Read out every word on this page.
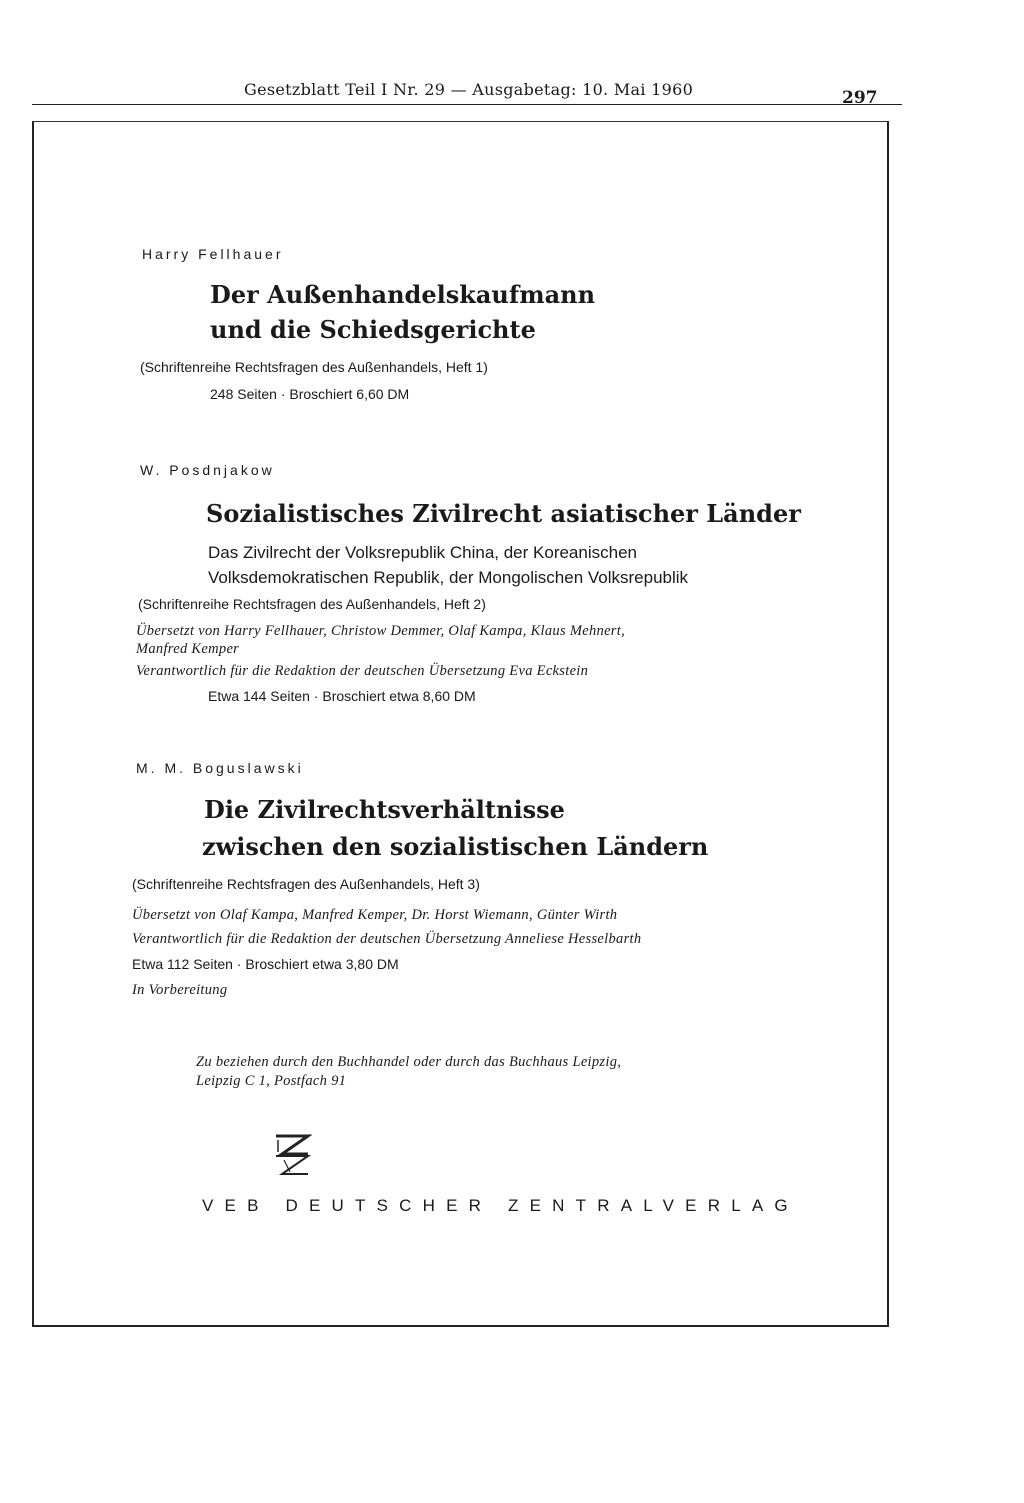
Gesetzblatt Teil I Nr. 29 — Ausgabetag: 10. Mai 1960	297
Harry Fellhauer
Der Außenhandelskaufmann
und die Schiedsgerichte
(Schriftenreihe Rechtsfragen des Außenhandels, Heft 1)
248 Seiten · Broschiert 6,60 DM
W. Posdnjakow
Sozialistisches Zivilrecht asiatischer Länder
Das Zivilrecht der Volksrepublik China, der Koreanischen
Volksdemokratischen Republik, der Mongolischen Volksrepublik
(Schriftenreihe Rechtsfragen des Außenhandels, Heft 2)
Übersetzt von Harry Fellhauer, Christow Demmer, Olaf Kampa, Klaus Mehnert,
Manfred Kemper
Verantwortlich für die Redaktion der deutschen Übersetzung Eva Eckstein
Etwa 144 Seiten · Broschiert etwa 8,60 DM
M. M. Boguslawski
Die Zivilrechtsverhältnisse
zwischen den sozialistischen Ländern
(Schriftenreihe Rechtsfragen des Außenhandels, Heft 3)
Übersetzt von Olaf Kampa, Manfred Kemper, Dr. Horst Wiemann, Günter Wirth
Verantwortlich für die Redaktion der deutschen Übersetzung Anneliese Hesselbarth
Etwa 112 Seiten · Broschiert etwa 3,80 DM
In Vorbereitung
Zu beziehen durch den Buchhandel oder durch das Buchhaus Leipzig,
Leipzig C 1, Postfach 91
VEB DEUTSCHER ZENTRALVERLAG
